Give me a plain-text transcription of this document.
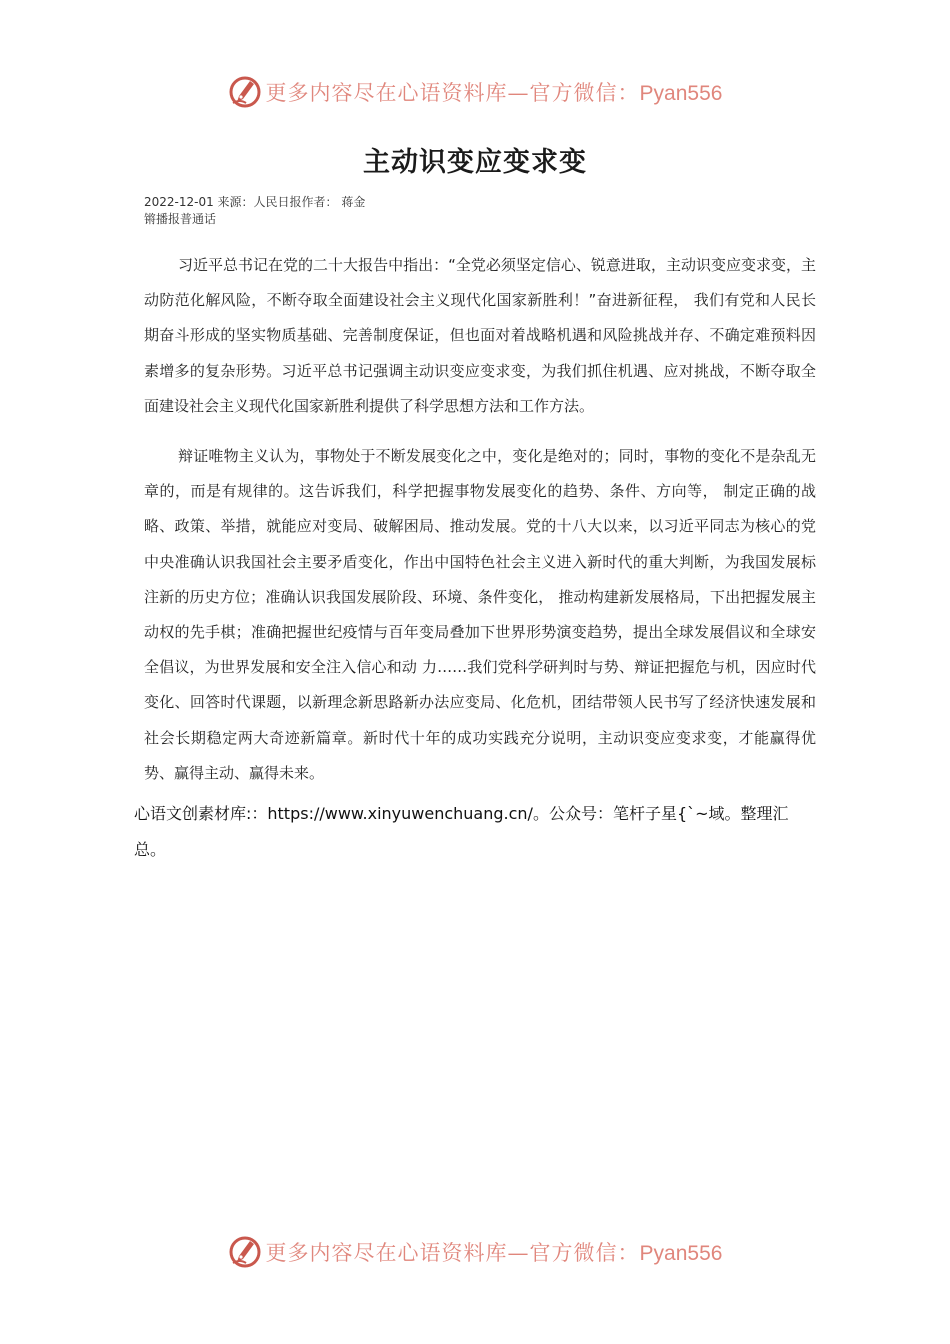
更多内容尽在心语资料库—官方微信：Pyan556
主动识变应变求变
2022-12-01 来源：人民日报作者： 蒋金
锵播报普通话

习近平总书记在党的二十大报告中指出：“全党必须坚定信心、锐意进取，主动识变应变求变，主动防范化解风险，不断夺取全面建设社会主义现代化国家新胜利！”奋进新征程， 我们有党和人民长期奋斗形成的坚实物质基础、完善制度保证，但也面对着战略机遇和风险挑战并存、不确定难预料因素增多的复杂形势。习近平总书记强调主动识变应变求变，为我们抓住机遇、应对挑战，不断夺取全面建设社会主义现代化国家新胜利提供了科学思想方法和工作方法。

辩证唯物主义认为，事物处于不断发展变化之中，变化是绝对的；同时，事物的变化不是杂乱无章的，而是有规律的。这告诉我们，科学把握事物发展变化的趋势、条件、方向等， 制定正确的战略、政策、举措，就能应对变局、破解困局、推动发展。党的十八大以来，以习近平同志为核心的党中央准确认识我国社会主要矛盾变化，作出中国特色社会主义进入新时代的重大判断，为我国发展标注新的历史方位；准确认识我国发展阶段、环境、条件变化， 推动构建新发展格局，下出把握发展主动权的先手棋；准确把握世纪疫情与百年变局叠加下世界形势演变趋势，提出全球发展倡议和全球安全倡议，为世界发展和安全注入信心和动 力……我们党科学研判时与势、辩证把握危与机，因应时代变化、回答时代课题，以新理念新思路新办法应变局、化危机，团结带领人民书写了经济快速发展和社会长期稳定两大奇迹新篇章。新时代十年的成功实践充分说明，主动识变应变求变，才能赢得优势、赢得主动、赢得未来。

心语文创素材库:：https://www.xinyuwenchuang.cn/。公众号：笔杆子星{`~域。整理汇总。

更多内容尽在心语资料库—官方微信：Pyan556
